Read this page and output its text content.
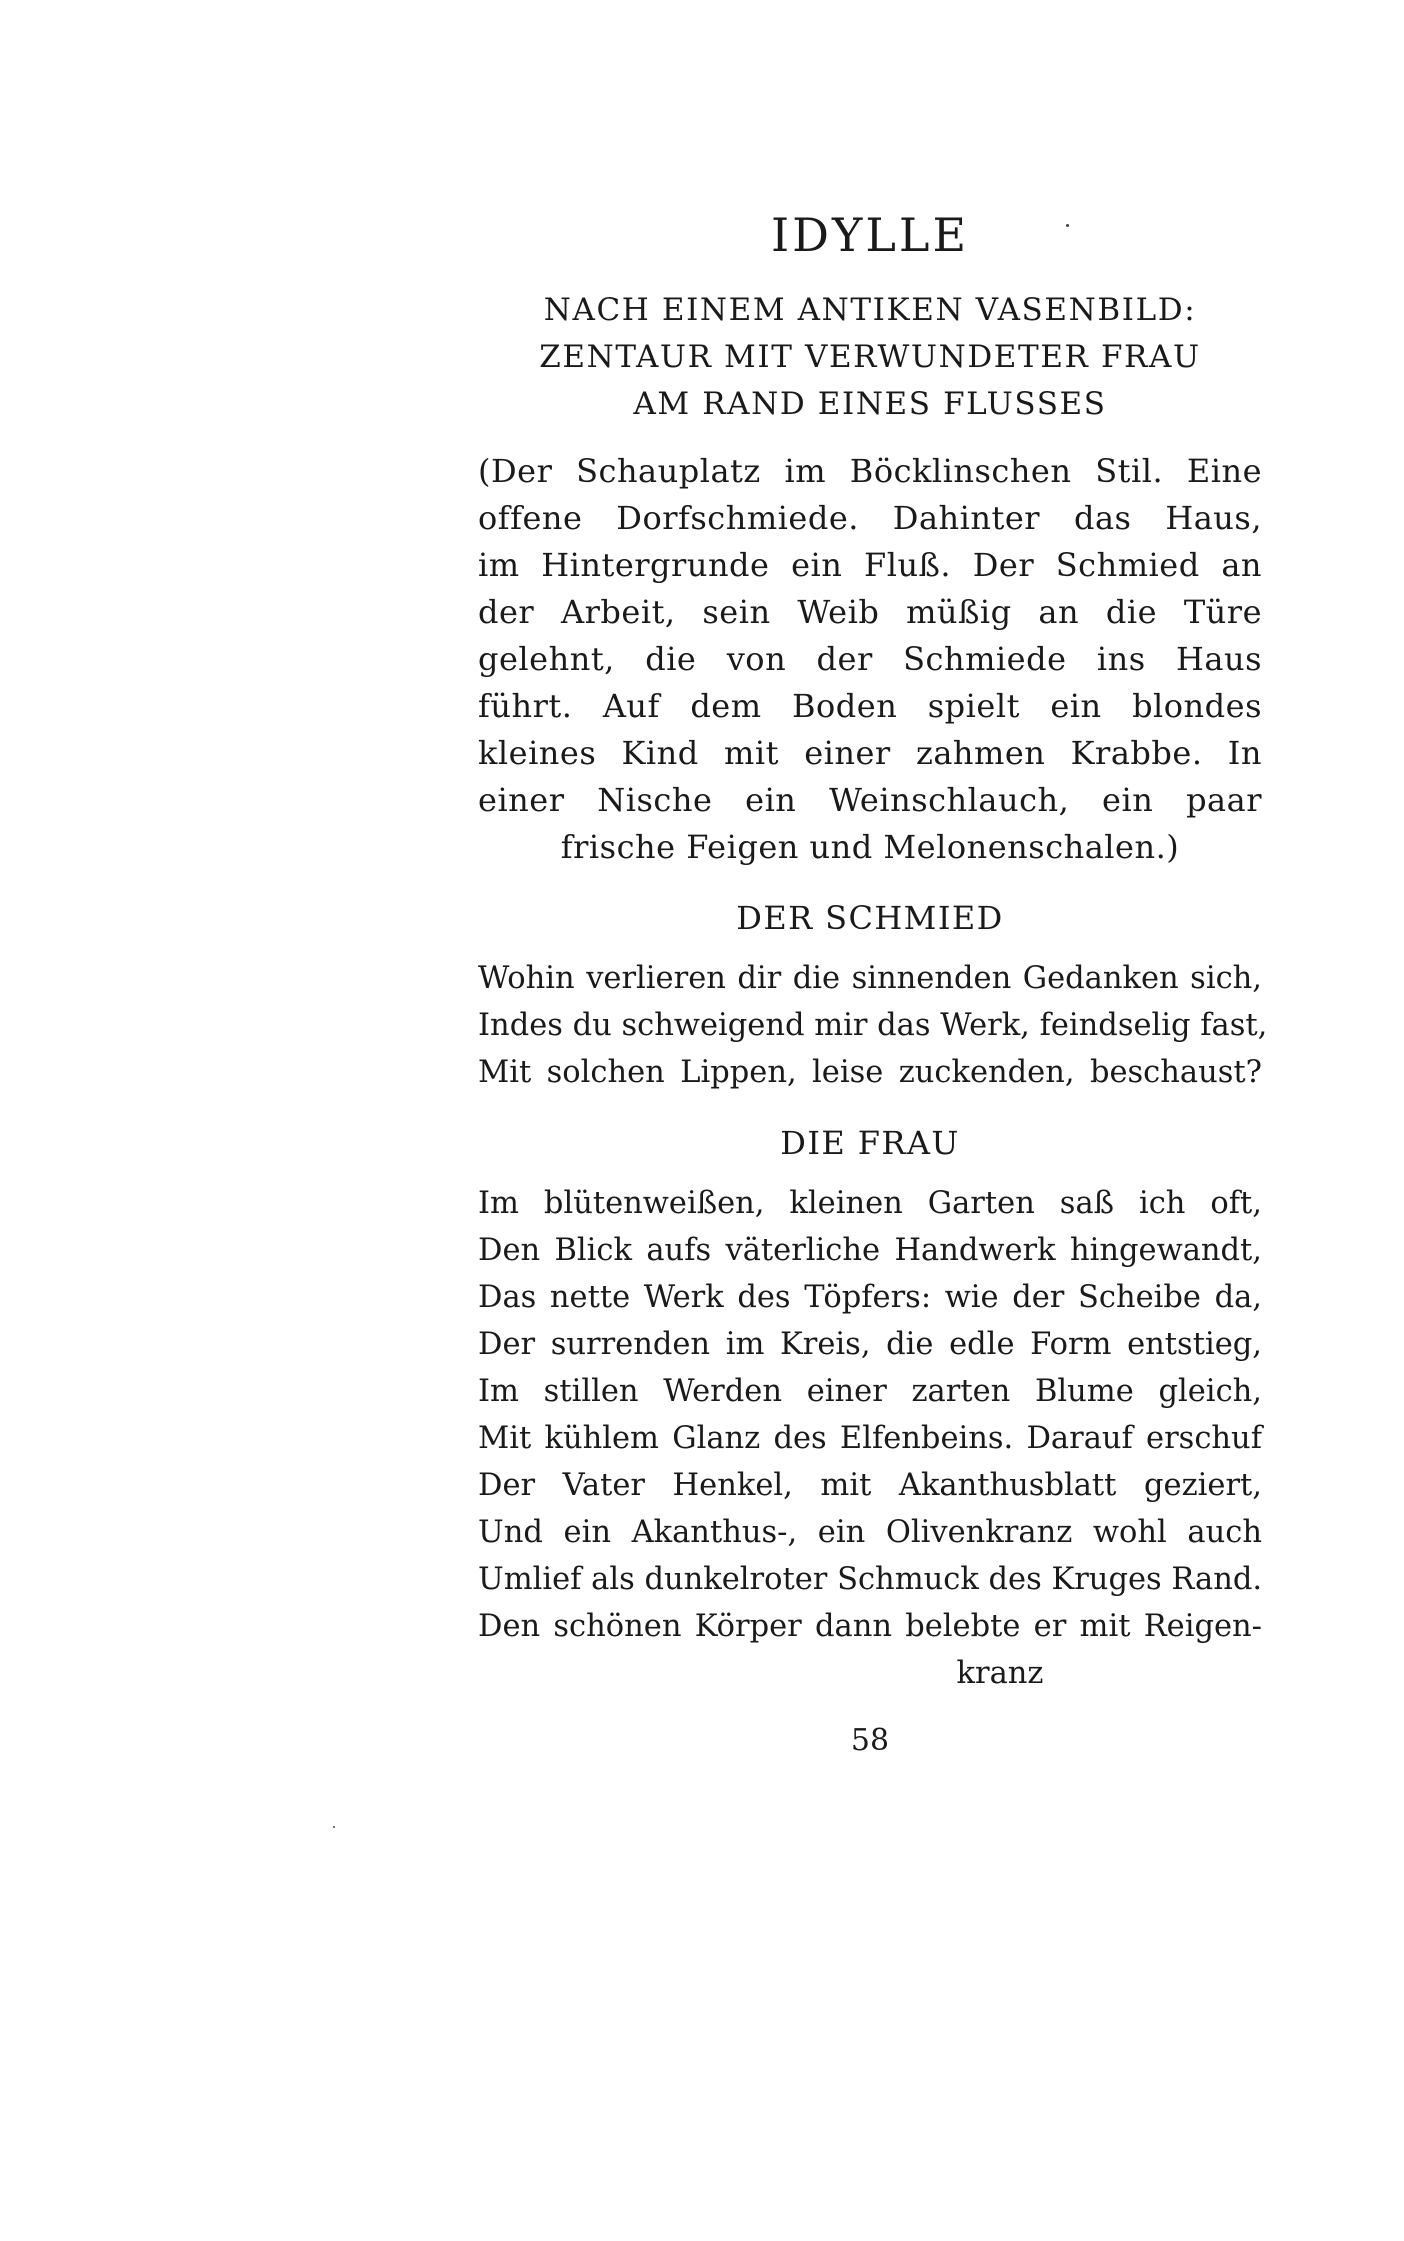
IDYLLE
NACH EINEM ANTIKEN VASENBILD:
ZENTAUR MIT VERWUNDETER FRAU
AM RAND EINES FLUSSES
(Der Schauplatz im Böcklinschen Stil. Eine
offene Dorfschmiede. Dahinter das Haus,
im Hintergrunde ein Fluß. Der Schmied an
der Arbeit, sein Weib müßig an die Türe
gelehnt, die von der Schmiede ins Haus
führt. Auf dem Boden spielt ein blondes
kleines Kind mit einer zahmen Krabbe. In
einer Nische ein Weinschlauch, ein paar
frische Feigen und Melonenschalen.)
DER SCHMIED
Wohin verlieren dir die sinnenden Gedanken sich,
Indes du schweigend mir das Werk, feindselig fast,
Mit solchen Lippen, leise zuckenden, beschaust?
DIE FRAU
Im blütenweißen, kleinen Garten saß ich oft,
Den Blick aufs väterliche Handwerk hingewandt,
Das nette Werk des Töpfers: wie der Scheibe da,
Der surrenden im Kreis, die edle Form entstieg,
Im stillen Werden einer zarten Blume gleich,
Mit kühlem Glanz des Elfenbeins. Darauf erschuf
Der Vater Henkel, mit Akanthusblatt geziert,
Und ein Akanthus-, ein Olivenkranz wohl auch
Umlief als dunkelroter Schmuck des Kruges Rand.
Den schönen Körper dann belebte er mit Reigen-
kranz
58
